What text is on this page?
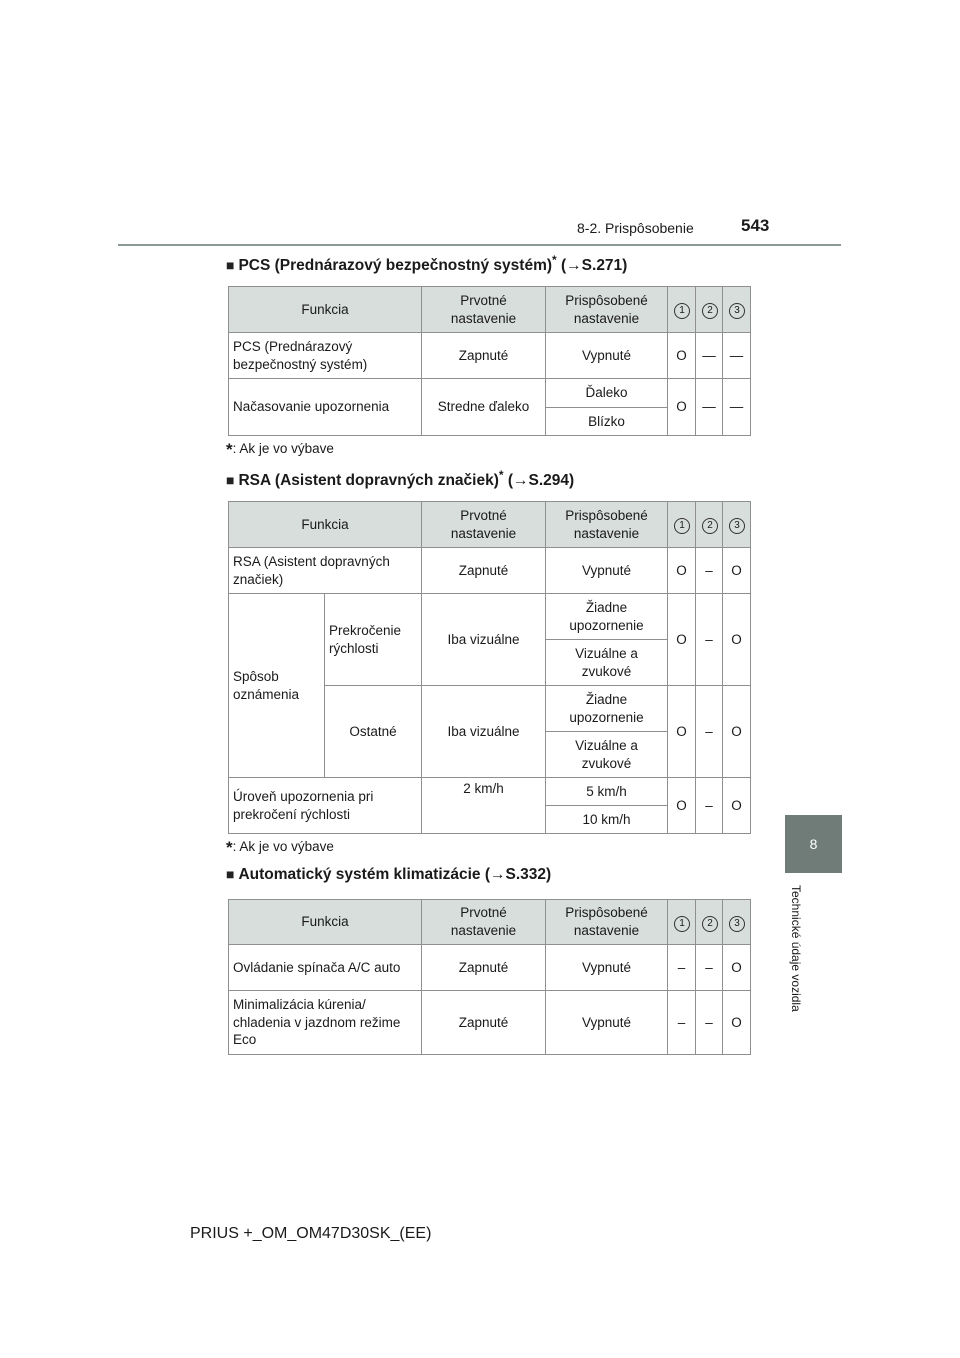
8-2. Prispôsobenie	543
8
Technické údaje vozidla
■ PCS (Prednárazový bezpečnostný systém)* (→S.271)
Funkcia	Prvotné nastavenie	Prispôsobené nastavenie	1	2	3
PCS (Prednárazový bezpečnostný systém)	Zapnuté	Vypnuté	O	—	—
Načasovanie upozornenia	Stredne ďaleko	Ďaleko	O	—	—
		Blízko			
*: Ak je vo výbave
■ RSA (Asistent dopravných značiek)* (→S.294)
Funkcia		Prvotné nastavenie	Prispôsobené nastavenie	1	2	3
RSA (Asistent dopravných značiek)		Zapnuté	Vypnuté	O	–	O
Spôsob oznámenia	Prekročenie rýchlosti	Iba vizuálne	Žiadne upozornenie	O	–	O
			Vizuálne a zvukové			
	Ostatné	Iba vizuálne	Žiadne upozornenie	O	–	O
			Vizuálne a zvukové			
Úroveň upozornenia pri prekročení rýchlosti		2 km/h	5 km/h	O	–	O
			10 km/h			
*: Ak je vo výbave
■ Automatický systém klimatizácie (→S.332)
Funkcia	Prvotné nastavenie	Prispôsobené nastavenie	1	2	3
Ovládanie spínača A/C auto	Zapnuté	Vypnuté	–	–	O
Minimalizácia kúrenia/ chladenia v jazdnom režime Eco	Zapnuté	Vypnuté	–	–	O
PRIUS +_OM_OM47D30SK_(EE)
